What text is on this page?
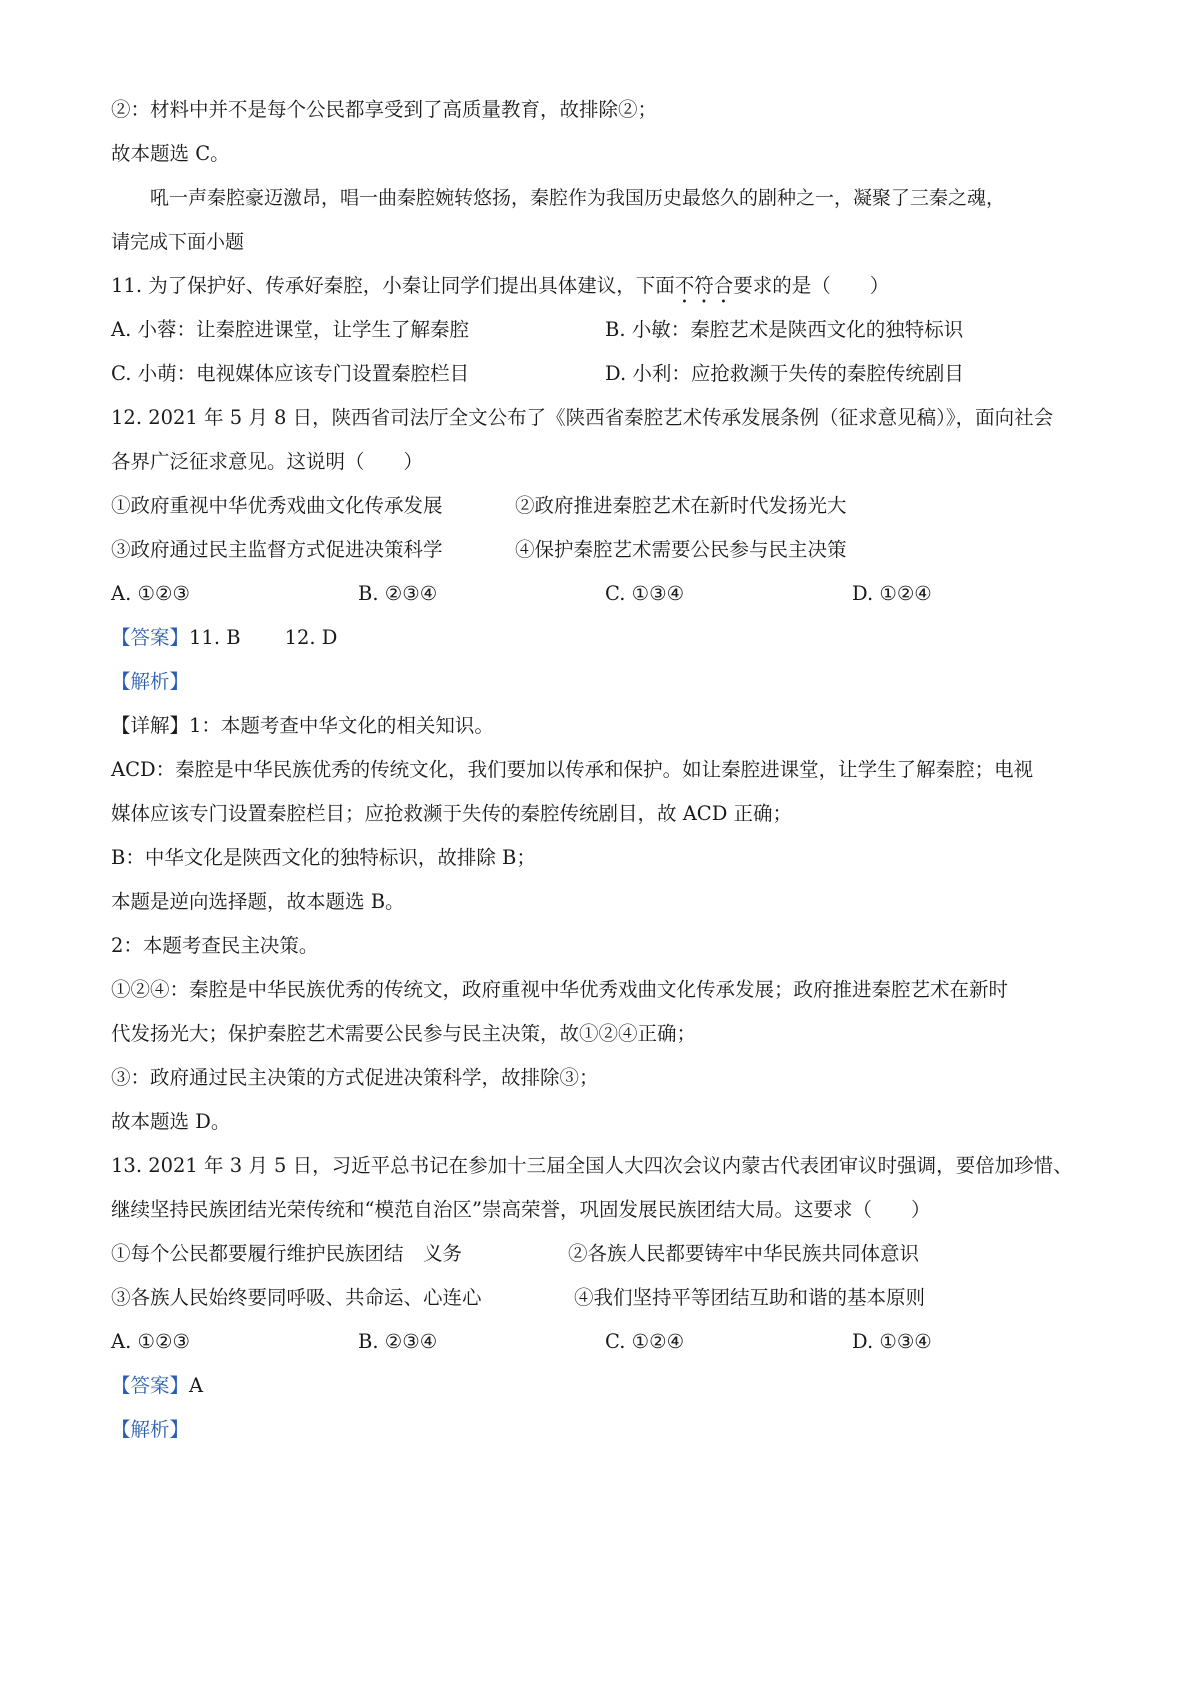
②：材料中并不是每个公民都享受到了高质量教育，故排除②；
故本题选 C。
吼一声秦腔豪迈激昂，唱一曲秦腔婉转悠扬，秦腔作为我国历史最悠久的剧种之一，凝聚了三秦之魂，
请完成下面小题
11. 为了保护好、传承好秦腔，小秦让同学们提出具体建议，下面不符合要求的是（　　）
A. 小蓉：让秦腔进课堂，让学生了解秦腔	B. 小敏：秦腔艺术是陕西文化的独特标识
C. 小萌：电视媒体应该专门设置秦腔栏目	D. 小利：应抢救濒于失传的秦腔传统剧目
12. 2021 年 5 月 8 日，陕西省司法厅全文公布了《陕西省秦腔艺术传承发展条例（征求意见稿）》，面向社会
各界广泛征求意见。这说明（　　）
①政府重视中华优秀戏曲文化传承发展	②政府推进秦腔艺术在新时代发扬光大
③政府通过民主监督方式促进决策科学	④保护秦腔艺术需要公民参与民主决策
A. ①②③	B. ②③④	C. ①③④	D. ①②④
【答案】11. B 12. D
【解析】
【详解】1：本题考查中华文化的相关知识。
ACD：秦腔是中华民族优秀的传统文化，我们要加以传承和保护。如让秦腔进课堂，让学生了解秦腔；电视
媒体应该专门设置秦腔栏目；应抢救濒于失传的秦腔传统剧目，故 ACD 正确；
B：中华文化是陕西文化的独特标识，故排除 B；
本题是逆向选择题，故本题选 B。
2：本题考查民主决策。
①②④：秦腔是中华民族优秀的传统文，政府重视中华优秀戏曲文化传承发展；政府推进秦腔艺术在新时
代发扬光大；保护秦腔艺术需要公民参与民主决策，故①②④正确；
③：政府通过民主决策的方式促进决策科学，故排除③；
故本题选 D。
13. 2021 年 3 月 5 日，习近平总书记在参加十三届全国人大四次会议内蒙古代表团审议时强调，要倍加珍惜、
继续坚持民族团结光荣传统和“模范自治区”崇高荣誉，巩固发展民族团结大局。这要求（　　）
①每个公民都要履行维护民族团结　义务	②各族人民都要铸牢中华民族共同体意识
③各族人民始终要同呼吸、共命运、心连心	④我们坚持平等团结互助和谐的基本原则
A. ①②③	B. ②③④	C. ①②④	D. ①③④
【答案】A
【解析】
